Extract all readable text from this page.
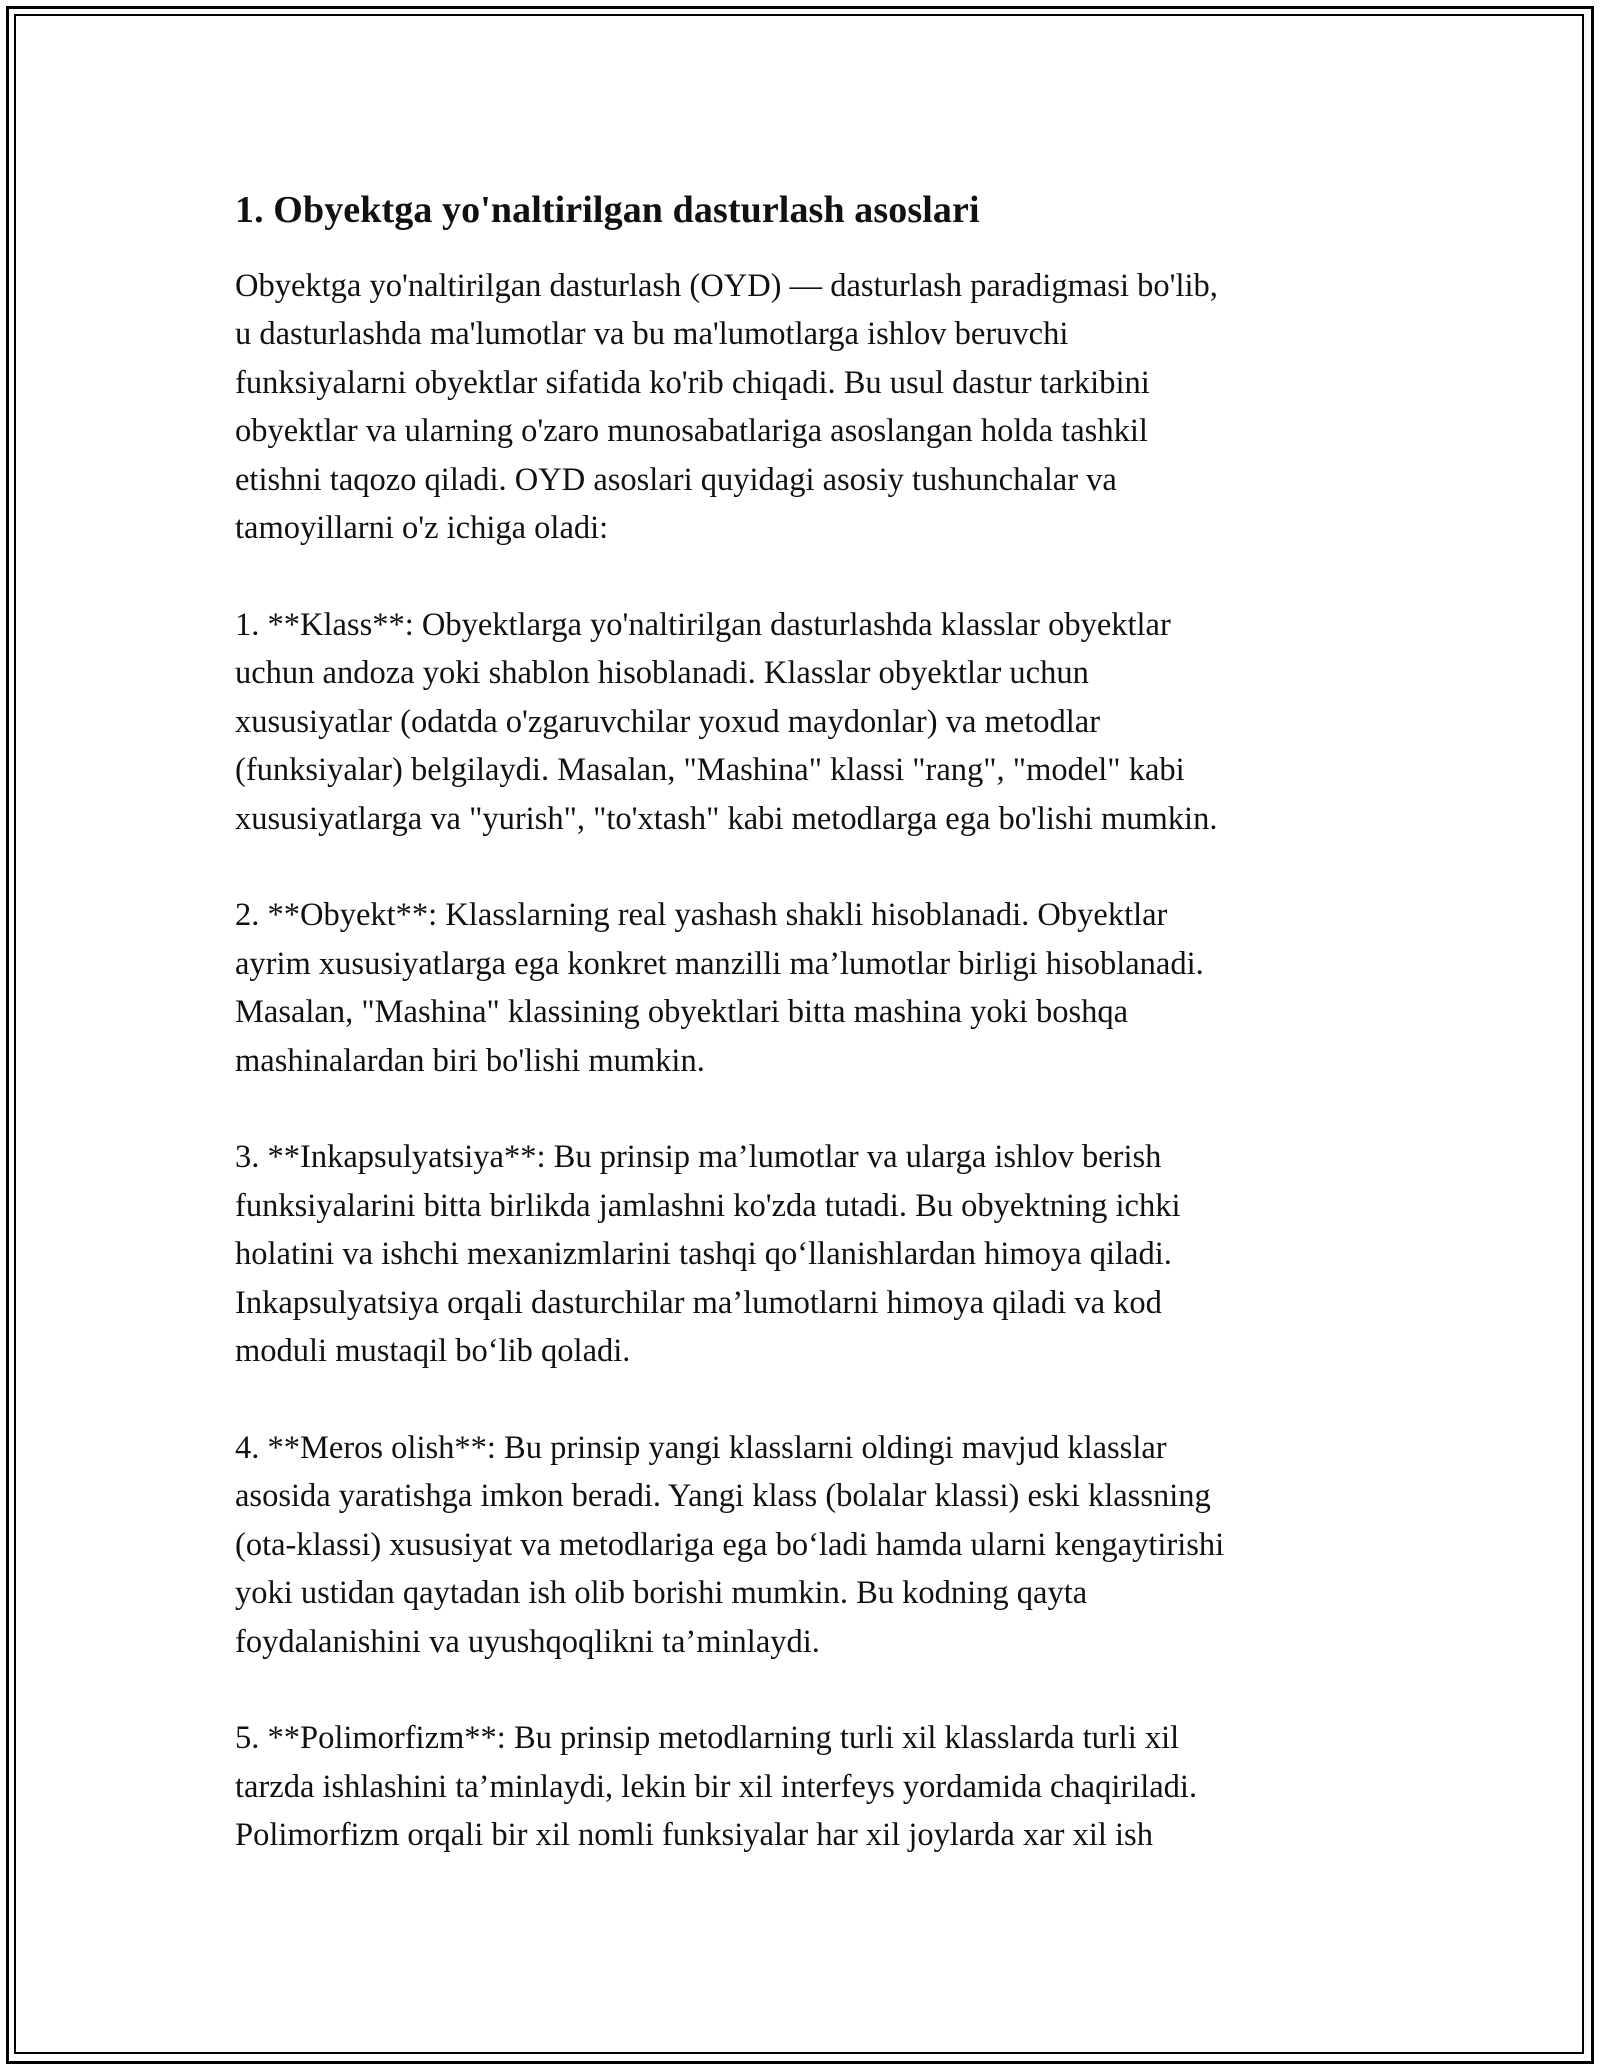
1. Obyektga yo'naltirilgan dasturlash asoslari

Obyektga yo'naltirilgan dasturlash (OYD) — dasturlash paradigmasi bo'lib,
u dasturlashda ma'lumotlar va bu ma'lumotlarga ishlov beruvchi
funksiyalarni obyektlar sifatida ko'rib chiqadi. Bu usul dastur tarkibini
obyektlar va ularning o'zaro munosabatlariga asoslangan holda tashkil
etishni taqozo qiladi. OYD asoslari quyidagi asosiy tushunchalar va
tamoyillarni o'z ichiga oladi:

1. **Klass**: Obyektlarga yo'naltirilgan dasturlashda klasslar obyektlar
uchun andoza yoki shablon hisoblanadi. Klasslar obyektlar uchun
xususiyatlar (odatda o'zgaruvchilar yoxud maydonlar) va metodlar
(funksiyalar) belgilaydi. Masalan, "Mashina" klassi "rang", "model" kabi
xususiyatlarga va "yurish", "to'xtash" kabi metodlarga ega bo'lishi mumkin.

2. **Obyekt**: Klasslarning real yashash shakli hisoblanadi. Obyektlar
ayrim xususiyatlarga ega konkret manzilli ma’lumotlar birligi hisoblanadi.
Masalan, "Mashina" klassining obyektlari bitta mashina yoki boshqa
mashinalardan biri bo'lishi mumkin.

3. **Inkapsulyatsiya**: Bu prinsip ma’lumotlar va ularga ishlov berish
funksiyalarini bitta birlikda jamlashni ko'zda tutadi. Bu obyektning ichki
holatini va ishchi mexanizmlarini tashqi qo‘llanishlardan himoya qiladi.
Inkapsulyatsiya orqali dasturchilar ma’lumotlarni himoya qiladi va kod
moduli mustaqil bo‘lib qoladi.

4. **Meros olish**: Bu prinsip yangi klasslarni oldingi mavjud klasslar
asosida yaratishga imkon beradi. Yangi klass (bolalar klassi) eski klassning
(ota-klassi) xususiyat va metodlariga ega bo‘ladi hamda ularni kengaytirishi
yoki ustidan qaytadan ish olib borishi mumkin. Bu kodning qayta
foydalanishini va uyushqoqlikni ta’minlaydi.

5. **Polimorfizm**: Bu prinsip metodlarning turli xil klasslarda turli xil
tarzda ishlashini ta’minlaydi, lekin bir xil interfeys yordamida chaqiriladi.
Polimorfizm orqali bir xil nomli funksiyalar har xil joylarda xar xil ish
